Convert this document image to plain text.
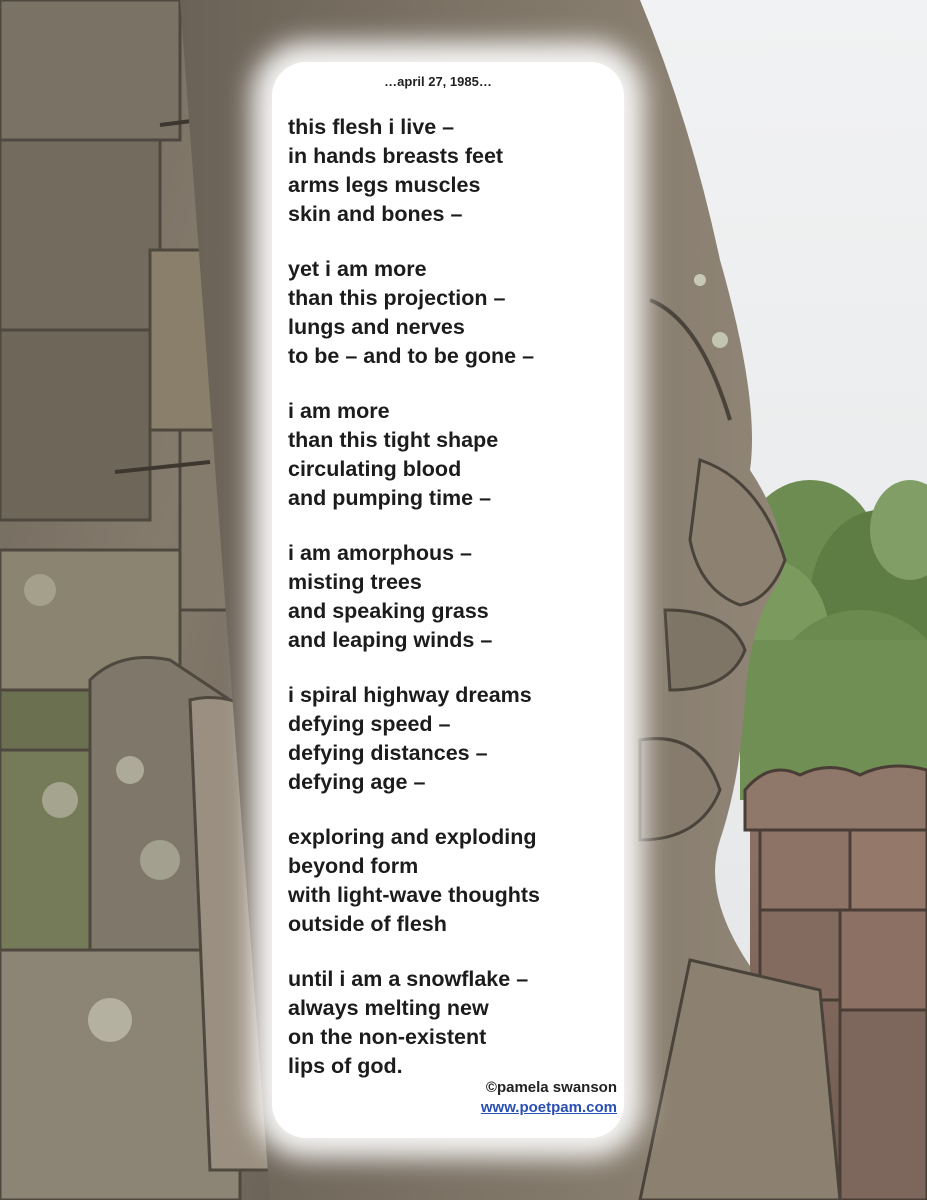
…april 27, 1985…
this flesh i live –
in hands breasts feet
arms legs muscles
skin and bones –
yet i am more
than this projection –
lungs and nerves
to be – and to be gone –
i am more
than this tight shape
circulating blood
and pumping time –
i am amorphous –
misting trees
and speaking grass
and leaping winds –
i spiral highway dreams
defying speed –
defying distances –
defying age –
exploring and exploding
beyond form
with light-wave thoughts
outside of flesh
until i am a snowflake –
always melting new
on the non-existent
lips of god.
©pamela swanson
www.poetpam.com
